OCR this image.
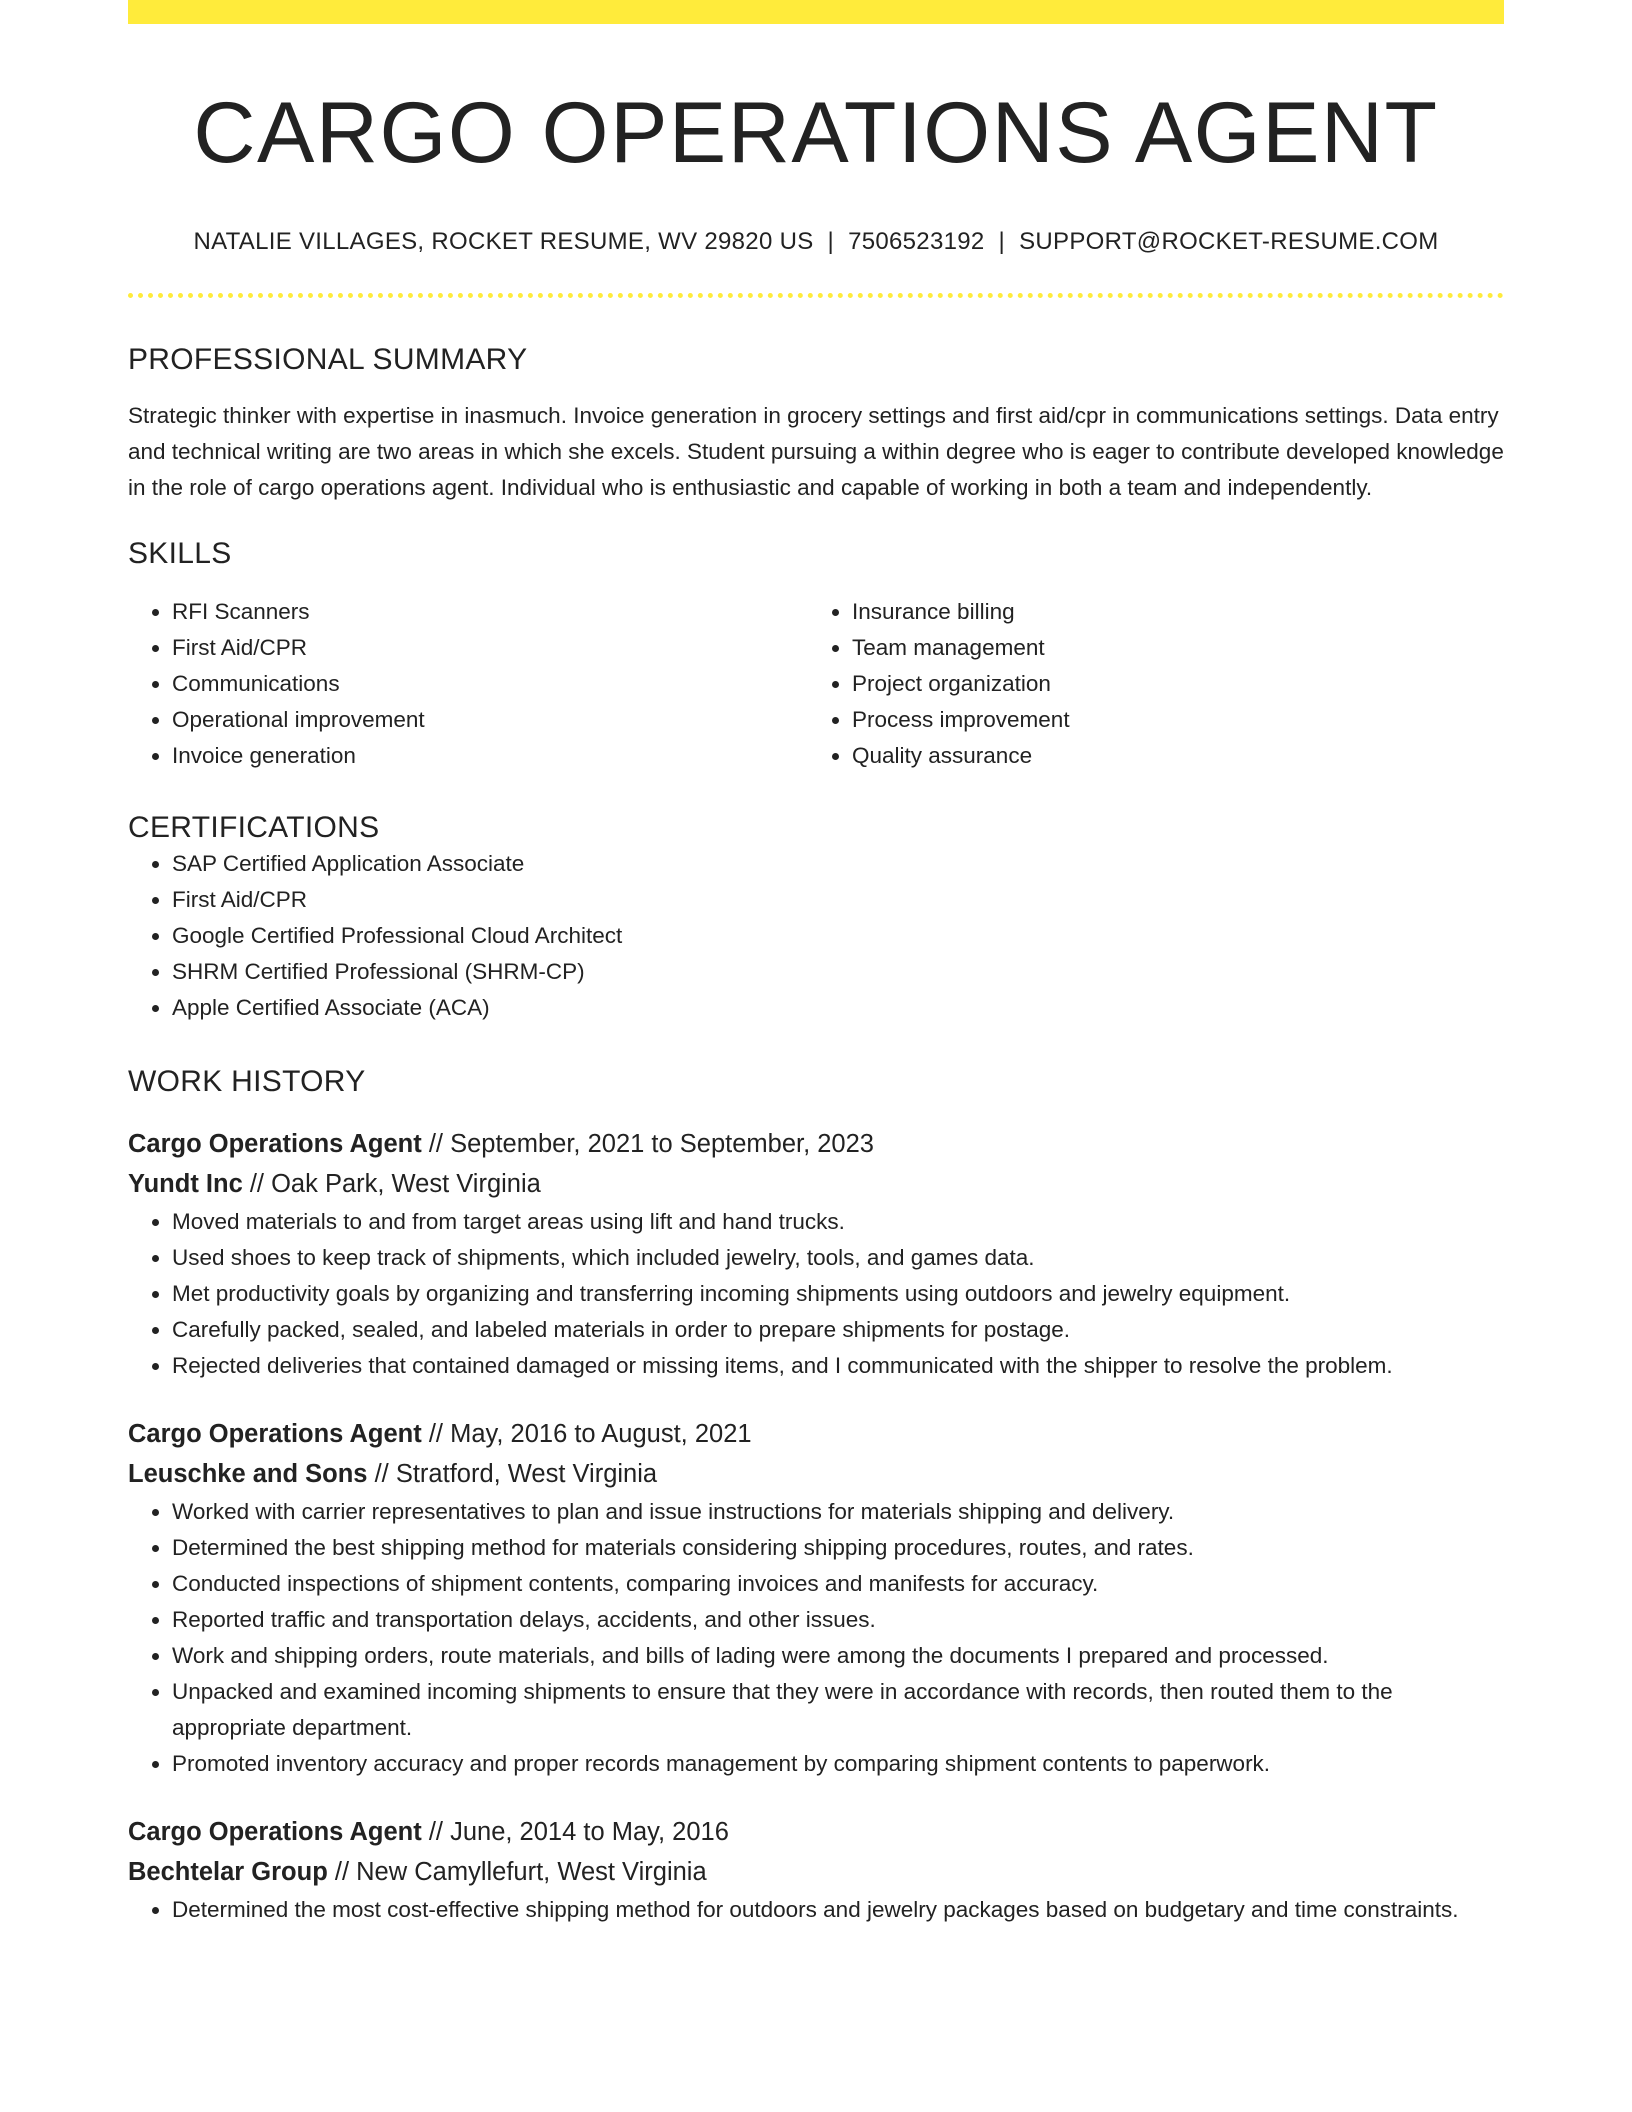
CARGO OPERATIONS AGENT
NATALIE VILLAGES, ROCKET RESUME, WV 29820 US | 7506523192 | SUPPORT@ROCKET-RESUME.COM
PROFESSIONAL SUMMARY
Strategic thinker with expertise in inasmuch. Invoice generation in grocery settings and first aid/cpr in communications settings. Data entry and technical writing are two areas in which she excels. Student pursuing a within degree who is eager to contribute developed knowledge in the role of cargo operations agent. Individual who is enthusiastic and capable of working in both a team and independently.
SKILLS
• RFI Scanners
• First Aid/CPR
• Communications
• Operational improvement
• Invoice generation
• Insurance billing
• Team management
• Project organization
• Process improvement
• Quality assurance
CERTIFICATIONS
• SAP Certified Application Associate
• First Aid/CPR
• Google Certified Professional Cloud Architect
• SHRM Certified Professional (SHRM-CP)
• Apple Certified Associate (ACA)
WORK HISTORY
Cargo Operations Agent // September, 2021 to September, 2023
Yundt Inc // Oak Park, West Virginia
• Moved materials to and from target areas using lift and hand trucks.
• Used shoes to keep track of shipments, which included jewelry, tools, and games data.
• Met productivity goals by organizing and transferring incoming shipments using outdoors and jewelry equipment.
• Carefully packed, sealed, and labeled materials in order to prepare shipments for postage.
• Rejected deliveries that contained damaged or missing items, and I communicated with the shipper to resolve the problem.
Cargo Operations Agent // May, 2016 to August, 2021
Leuschke and Sons // Stratford, West Virginia
• Worked with carrier representatives to plan and issue instructions for materials shipping and delivery.
• Determined the best shipping method for materials considering shipping procedures, routes, and rates.
• Conducted inspections of shipment contents, comparing invoices and manifests for accuracy.
• Reported traffic and transportation delays, accidents, and other issues.
• Work and shipping orders, route materials, and bills of lading were among the documents I prepared and processed.
• Unpacked and examined incoming shipments to ensure that they were in accordance with records, then routed them to the appropriate department.
• Promoted inventory accuracy and proper records management by comparing shipment contents to paperwork.
Cargo Operations Agent // June, 2014 to May, 2016
Bechtelar Group // New Camyllefurt, West Virginia
• Determined the most cost-effective shipping method for outdoors and jewelry packages based on budgetary and time constraints.
